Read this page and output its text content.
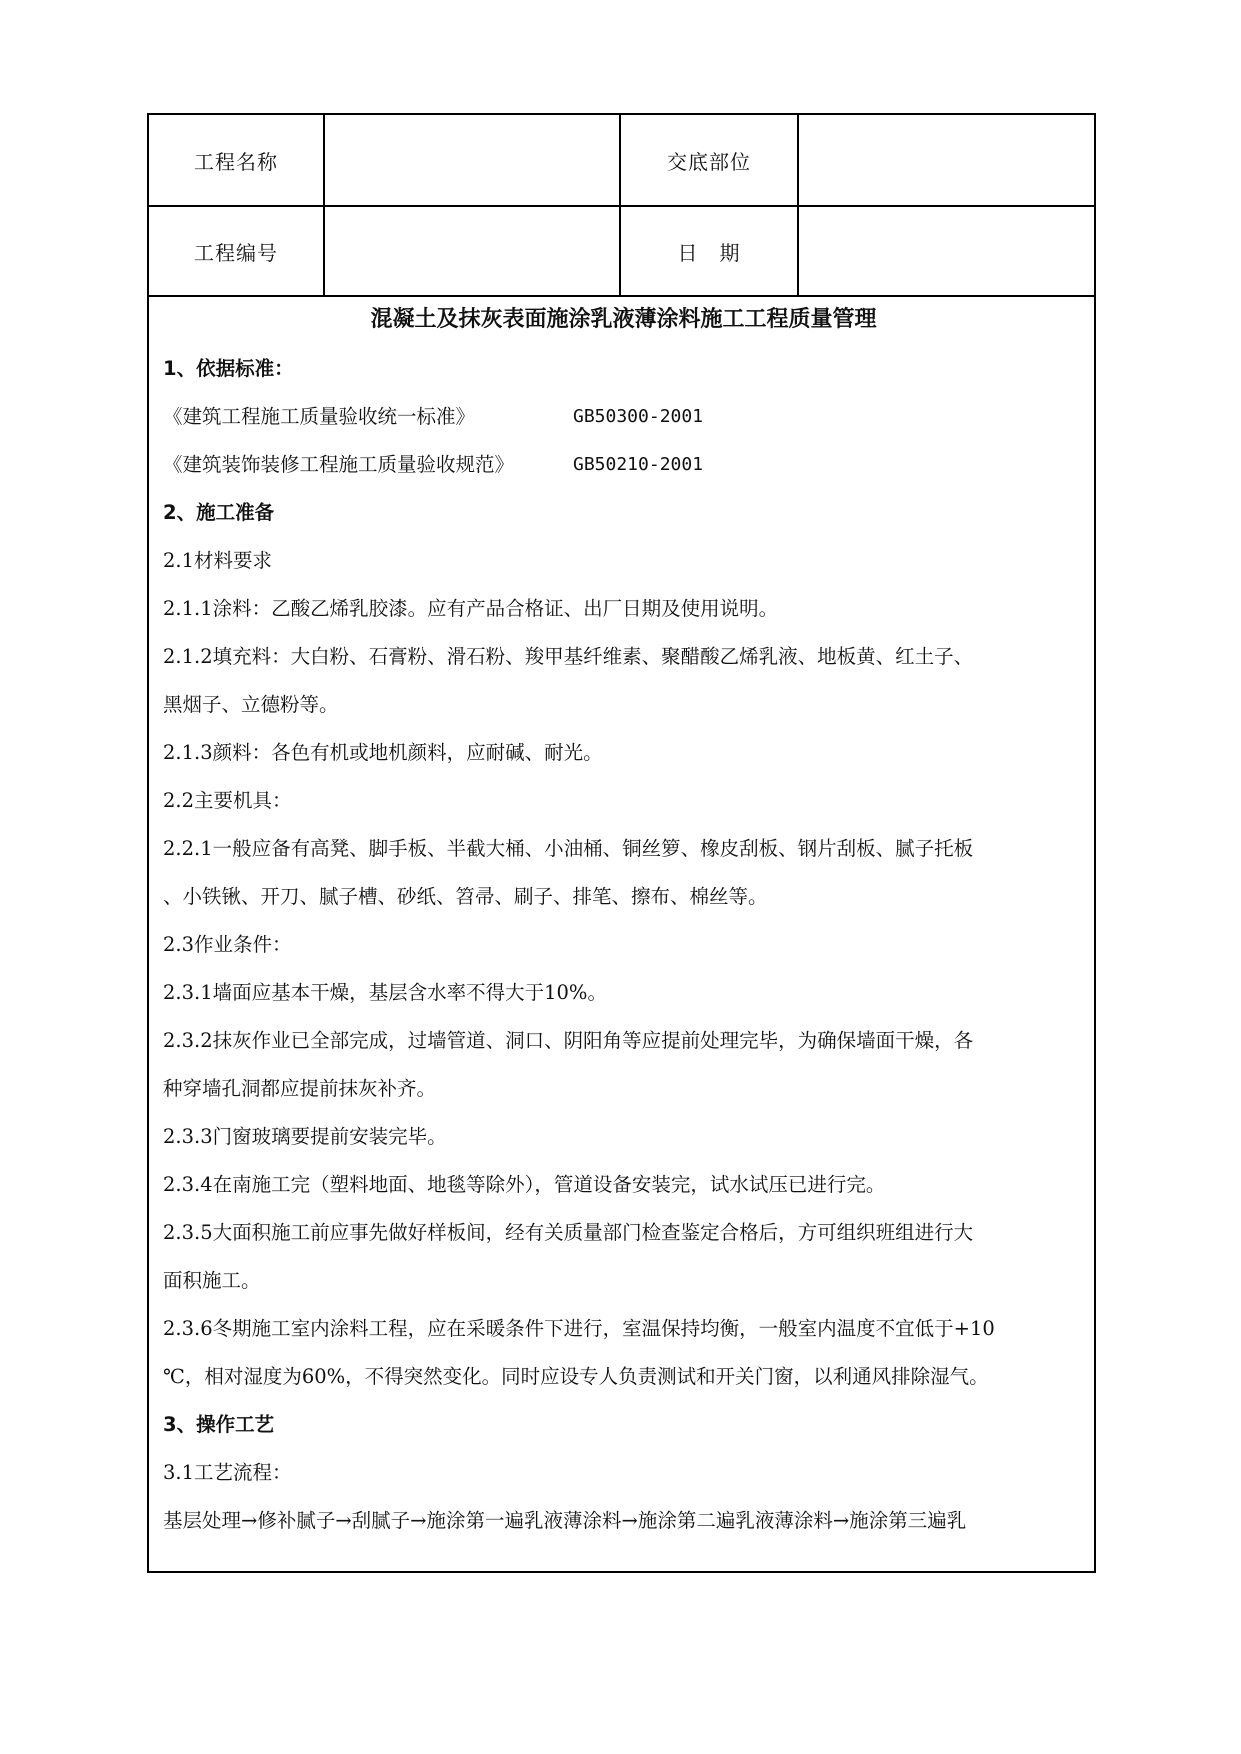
工程名称	交底部位
工程编号	日　期
混凝土及抹灰表面施涂乳液薄涂料施工工程质量管理
1、依据标准：
《建筑工程施工质量验收统一标准》	GB50300-2001
《建筑装饰装修工程施工质量验收规范》	GB50210-2001
2、施工准备
2.1材料要求
2.1.1涂料：乙酸乙烯乳胶漆。应有产品合格证、出厂日期及使用说明。
2.1.2填充料：大白粉、石膏粉、滑石粉、羧甲基纤维素、聚醋酸乙烯乳液、地板黄、红土子、
黑烟子、立德粉等。
2.1.3颜料：各色有机或地机颜料，应耐碱、耐光。
2.2主要机具：
2.2.1一般应备有高凳、脚手板、半截大桶、小油桶、铜丝箩、橡皮刮板、钢片刮板、腻子托板
、小铁锹、开刀、腻子槽、砂纸、笤帚、刷子、排笔、擦布、棉丝等。
2.3作业条件：
2.3.1墙面应基本干燥，基层含水率不得大于10%。
2.3.2抹灰作业已全部完成，过墙管道、洞口、阴阳角等应提前处理完毕，为确保墙面干燥，各
种穿墙孔洞都应提前抹灰补齐。
2.3.3门窗玻璃要提前安装完毕。
2.3.4在南施工完（塑料地面、地毯等除外），管道设备安装完，试水试压已进行完。
2.3.5大面积施工前应事先做好样板间，经有关质量部门检查鉴定合格后，方可组织班组进行大
面积施工。
2.3.6冬期施工室内涂料工程，应在采暖条件下进行，室温保持均衡，一般室内温度不宜低于+10
℃，相对湿度为60%，不得突然变化。同时应设专人负责测试和开关门窗，以利通风排除湿气。
3、操作工艺
3.1工艺流程：
基层处理→修补腻子→刮腻子→施涂第一遍乳液薄涂料→施涂第二遍乳液薄涂料→施涂第三遍乳
